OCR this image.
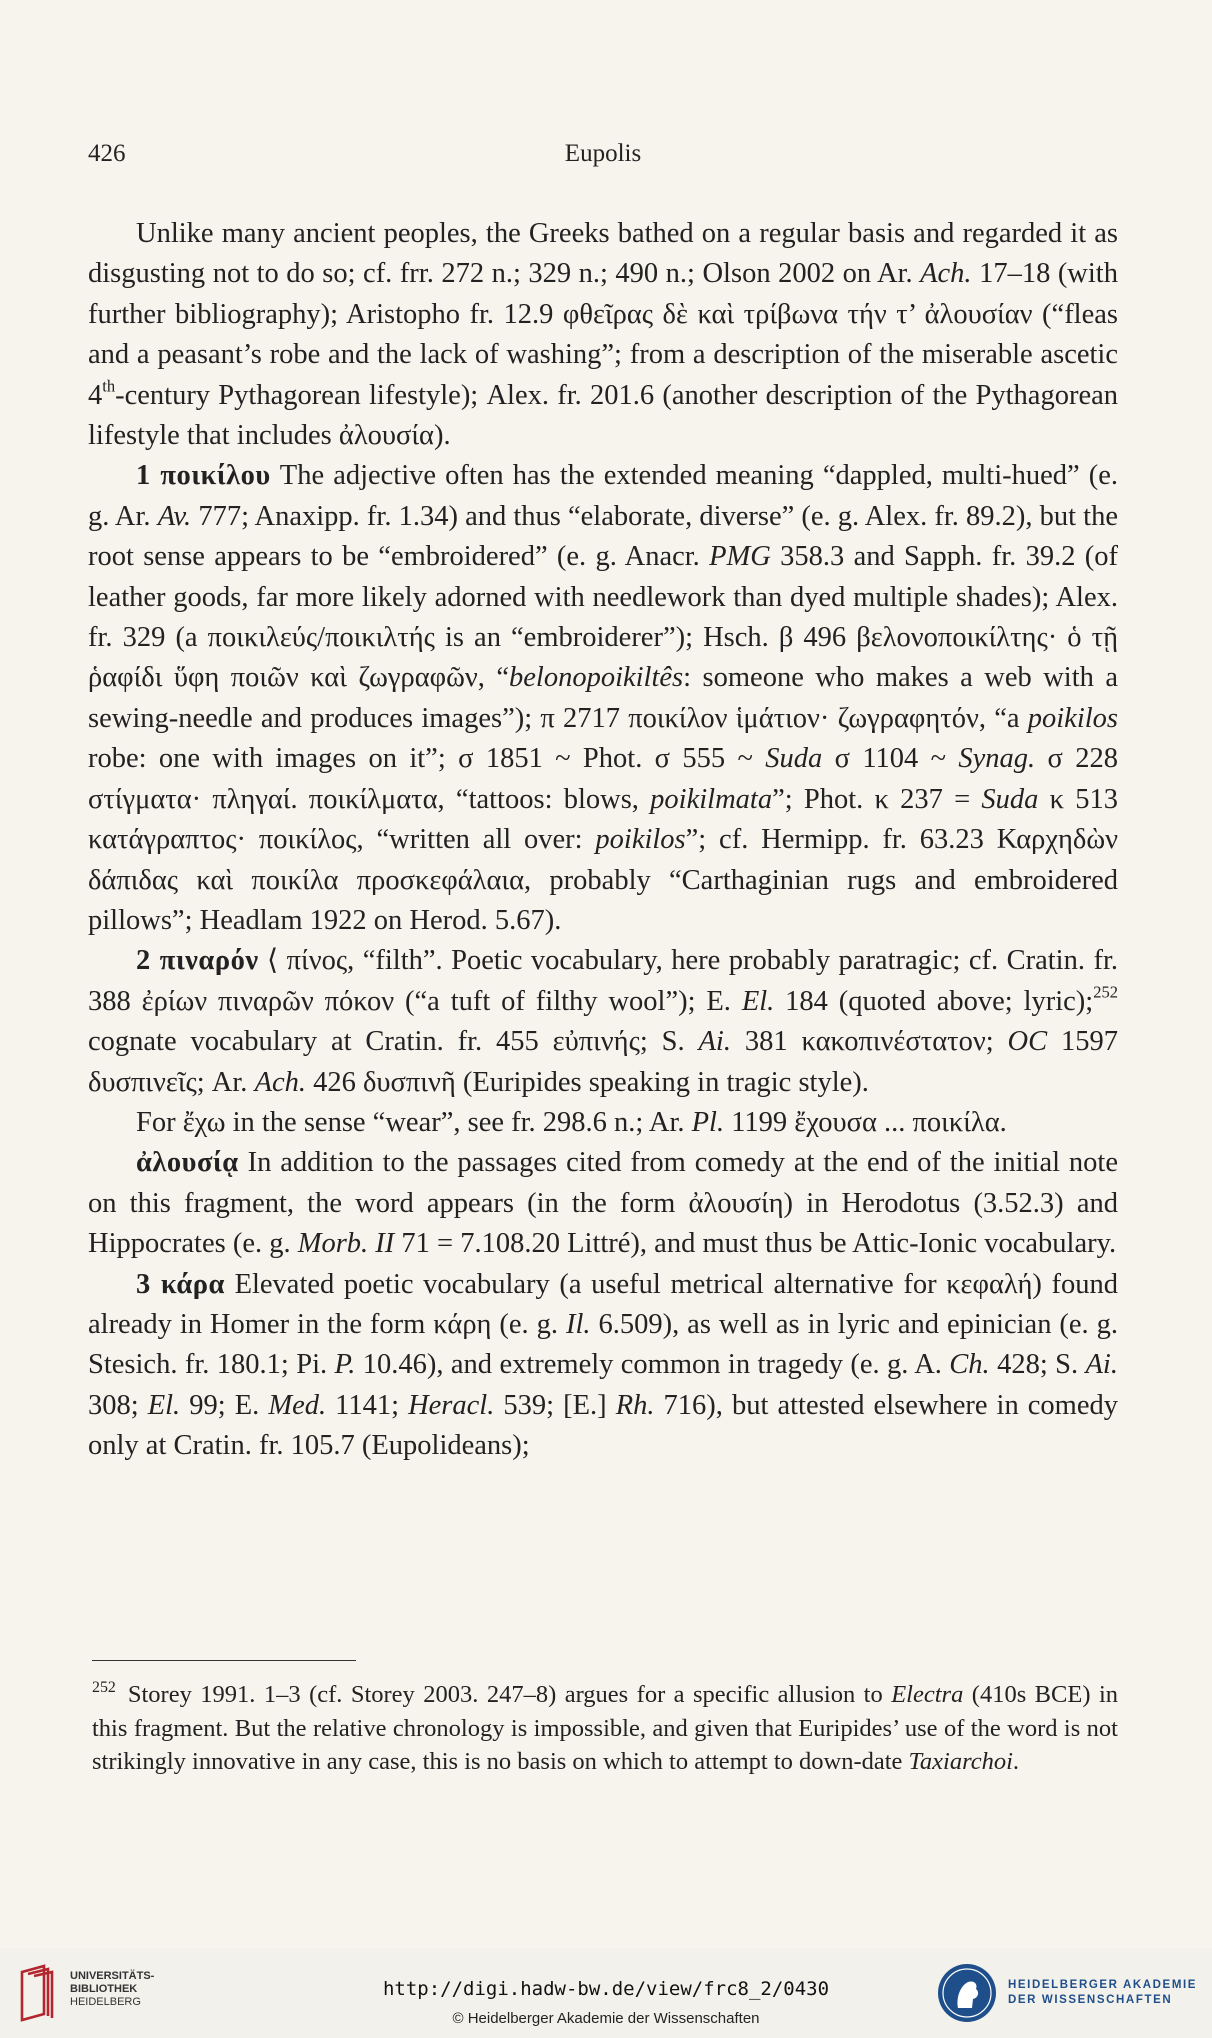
426	Eupolis

Unlike many ancient peoples, the Greeks bathed on a regular basis and regarded it as disgusting not to do so; cf. frr. 272 n.; 329 n.; 490 n.; Olson 2002 on Ar. Ach. 17–18 (with further bibliography); Aristopho fr. 12.9 φθεῖρας δὲ καὶ τρίβωνα τήν τ’ ἀλουσίαν (“fleas and a peasant’s robe and the lack of washing”; from a description of the miserable ascetic 4th-century Pythagorean lifestyle); Alex. fr. 201.6 (another description of the Pythagorean lifestyle that includes ἀλουσία).

1 ποικίλου The adjective often has the extended meaning “dappled, multi-hued” (e. g. Ar. Av. 777; Anaxipp. fr. 1.34) and thus “elaborate, diverse” (e. g. Alex. fr. 89.2), but the root sense appears to be “embroidered” (e. g. Anacr. PMG 358.3 and Sapph. fr. 39.2 (of leather goods, far more likely adorned with needlework than dyed multiple shades); Alex. fr. 329 (a ποικιλεύς/ποικιλτής is an “embroiderer”); Hsch. β 496 βελονοποικίλτης· ὁ τῇ ῥαφίδι ὕφη ποιῶν καὶ ζωγραφῶν, “belonopoikiltês: someone who makes a web with a sewing-needle and produces images”); π 2717 ποικίλον ἱμάτιον· ζωγραφητόν, “a poikilos robe: one with images on it”; σ 1851 ~ Phot. σ 555 ~ Suda σ 1104 ~ Synag. σ 228 στίγματα· πληγαί. ποικίλματα, “tattoos: blows, poikilmata”; Phot. κ 237 = Suda κ 513 κατάγραπτος· ποικίλος, “written all over: poikilos”; cf. Hermipp. fr. 63.23 Καρχηδὼν δάπιδας καὶ ποικίλα προσκεφάλαια, probably “Carthaginian rugs and embroidered pillows”; Headlam 1922 on Herod. 5.67).

2 πιναρόν ⟨ πίνος, “filth”. Poetic vocabulary, here probably paratragic; cf. Cratin. fr. 388 ἐρίων πιναρῶν πόκον (“a tuft of filthy wool”); E. El. 184 (quoted above; lyric);$^{252}$ cognate vocabulary at Cratin. fr. 455 εὐπινής; S. Ai. 381 κακοπινέστατον; OC 1597 δυσπινεῖς; Ar. Ach. 426 δυσπινῆ (Euripides speaking in tragic style).

For ἔχω in the sense “wear”, see fr. 298.6 n.; Ar. Pl. 1199 ἔχουσα ... ποικίλα.

ἀλουσίᾳ In addition to the passages cited from comedy at the end of the initial note on this fragment, the word appears (in the form ἀλουσίη) in Herodotus (3.52.3) and Hippocrates (e. g. Morb. II 71 = 7.108.20 Littré), and must thus be Attic-Ionic vocabulary.

3 κάρα Elevated poetic vocabulary (a useful metrical alternative for κεφαλή) found already in Homer in the form κάρη (e. g. Il. 6.509), as well as in lyric and epinician (e. g. Stesich. fr. 180.1; Pi. P. 10.46), and extremely common in tragedy (e. g. A. Ch. 428; S. Ai. 308; El. 99; E. Med. 1141; Heracl. 539; [E.] Rh. 716), but attested elsewhere in comedy only at Cratin. fr. 105.7 (Eupolideans);

$^{252}$ Storey 1991. 1–3 (cf. Storey 2003. 247–8) argues for a specific allusion to Electra (410s BCE) in this fragment. But the relative chronology is impossible, and given that Euripides’ use of the word is not strikingly innovative in any case, this is no basis on which to attempt to down-date Taxiarchoi.

UNIVERSITÄTS-
BIBLIOTHEK
HEIDELBERG
http://digi.hadw-bw.de/view/frc8_2/0430
© Heidelberger Akademie der Wissenschaften
HEIDELBERGER AKADEMIE
DER WISSENSCHAFTEN
